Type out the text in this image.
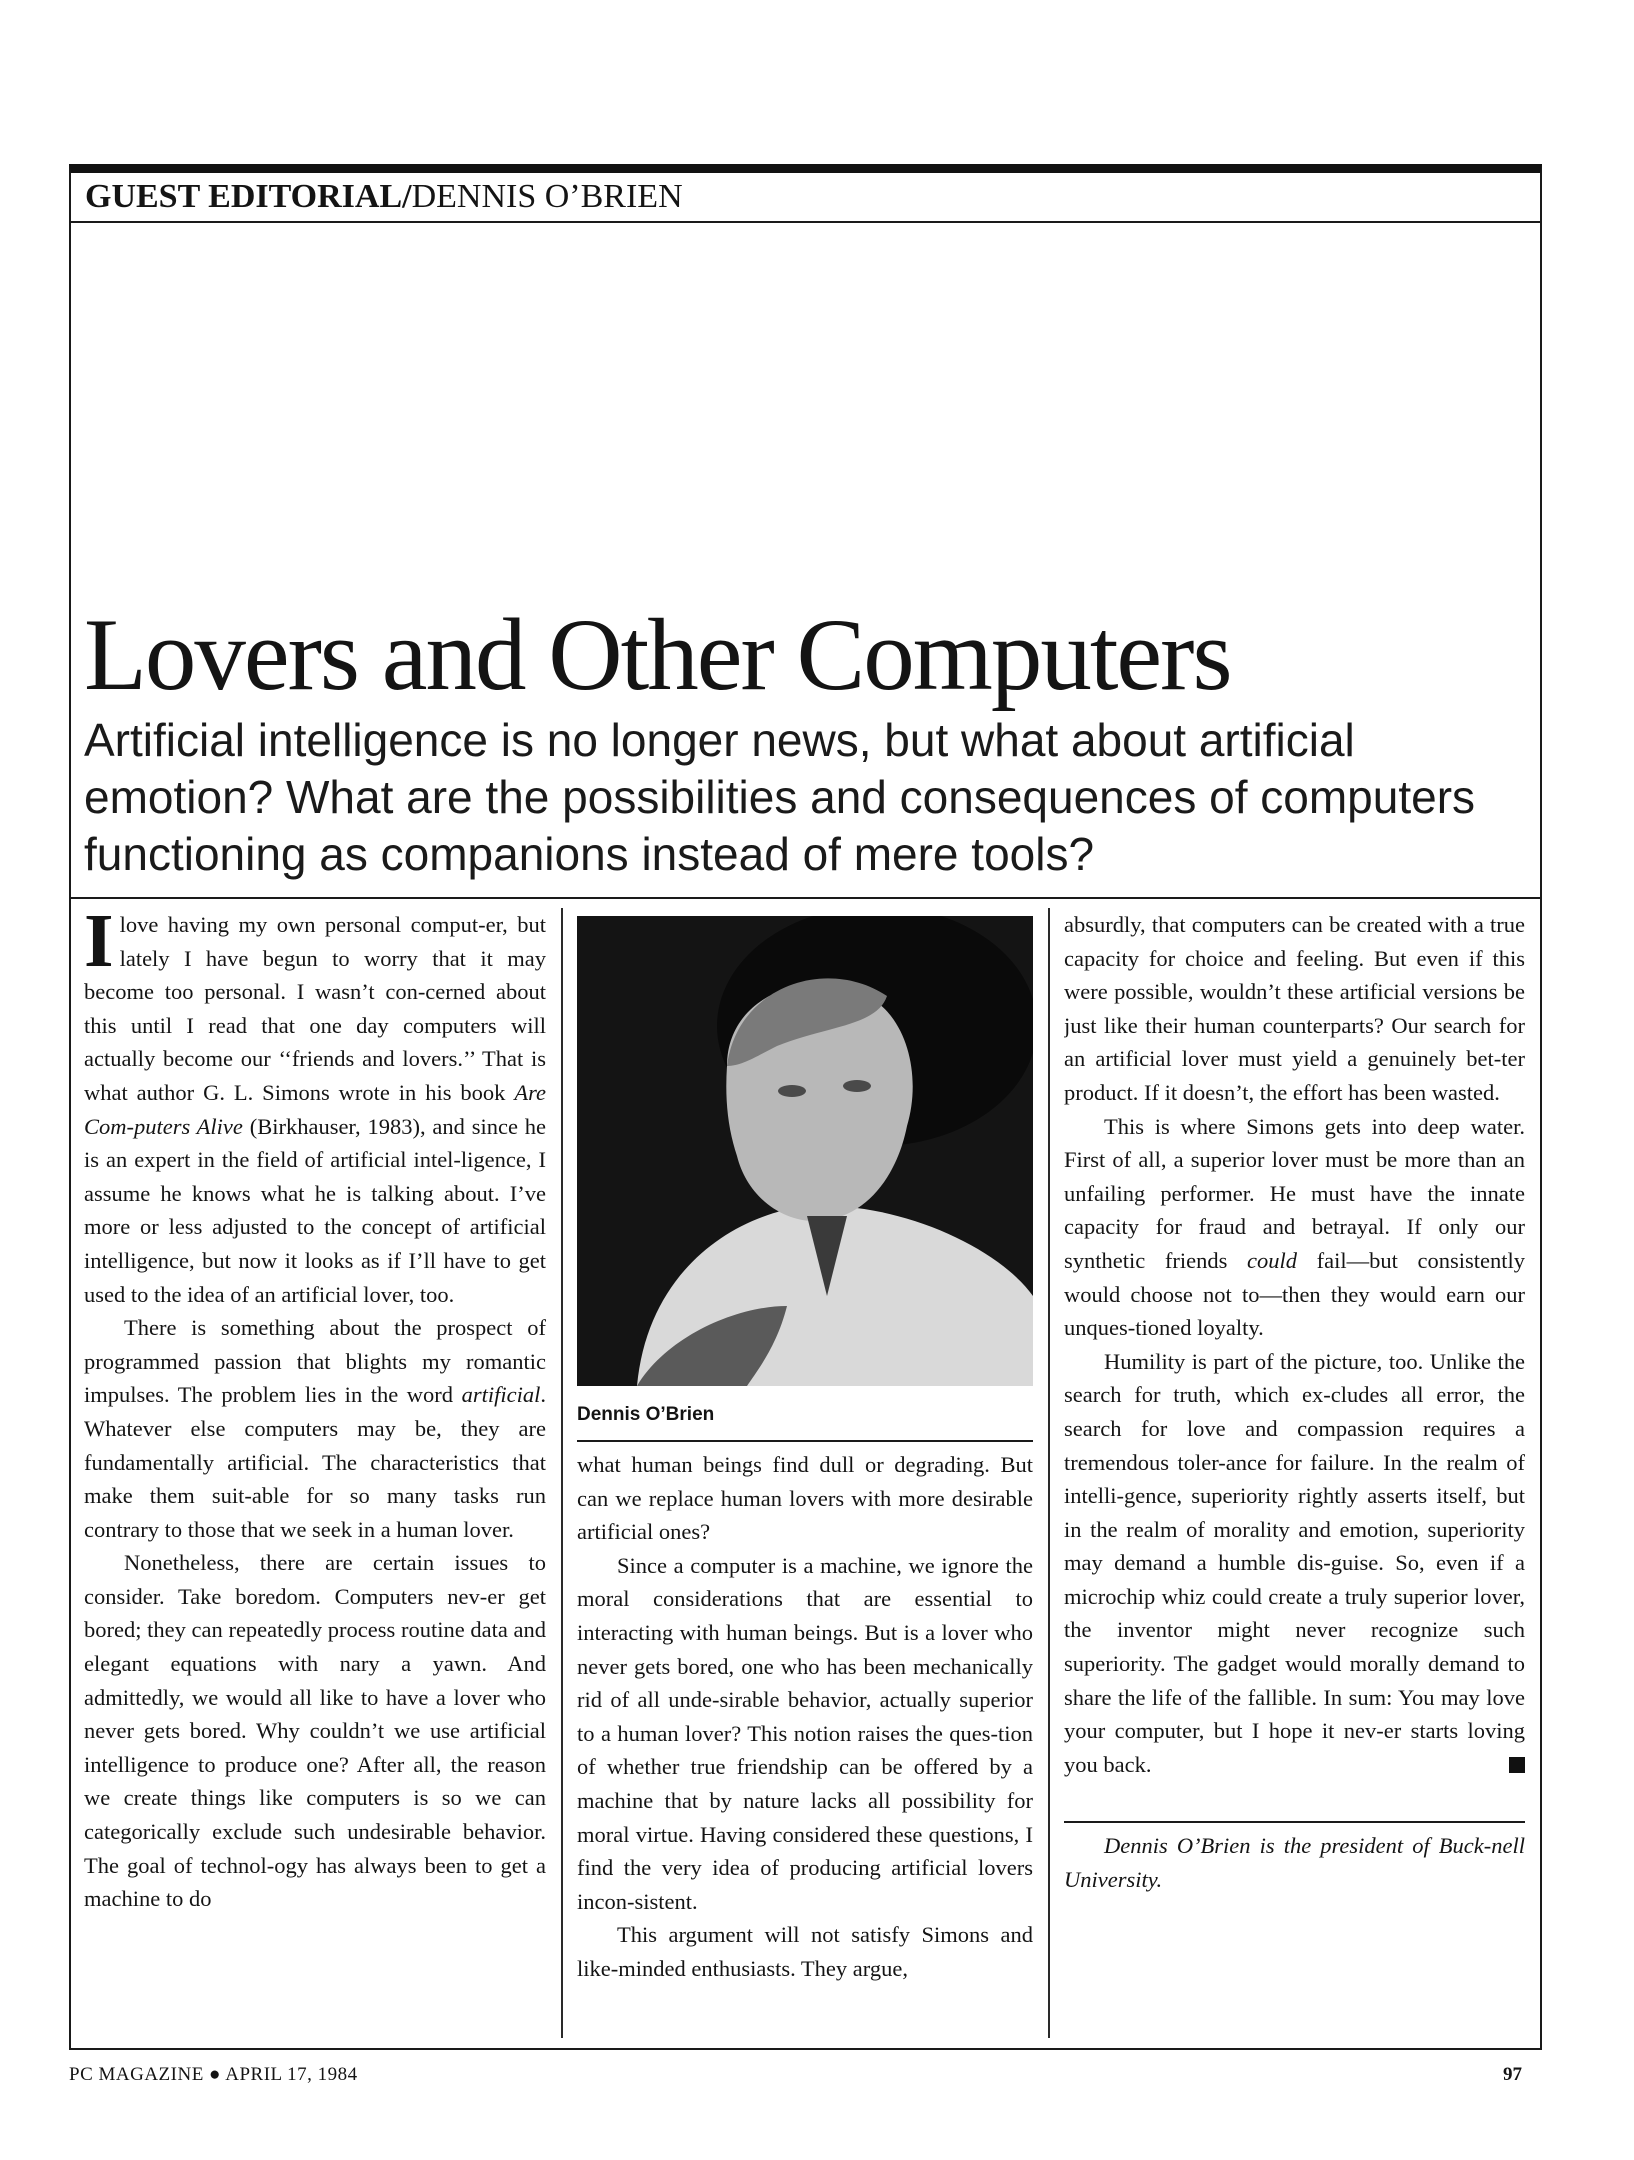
GUEST EDITORIAL/DENNIS O’BRIEN
Lovers and Other Computers
Artificial intelligence is no longer news, but what about artificial emotion? What are the possibilities and consequences of computers functioning as companions instead of mere tools?

I love having my own personal comput-er, but lately I have begun to worry that it may become too personal. I wasn’t con-cerned about this until I read that one day computers will actually become our ‘‘friends and lovers.’’ That is what author G. L. Simons wrote in his book Are Com-puters Alive (Birkhauser, 1983), and since he is an expert in the field of artificial intel-ligence, I assume he knows what he is talking about. I’ve more or less adjusted to the concept of artificial intelligence, but now it looks as if I’ll have to get used to the idea of an artificial lover, too.

There is something about the prospect of programmed passion that blights my romantic impulses. The problem lies in the word artificial. Whatever else computers may be, they are fundamentally artificial. The characteristics that make them suit-able for so many tasks run contrary to those that we seek in a human lover.

Nonetheless, there are certain issues to consider. Take boredom. Computers nev-er get bored; they can repeatedly process routine data and elegant equations with nary a yawn. And admittedly, we would all like to have a lover who never gets bored. Why couldn’t we use artificial intelligence to produce one? After all, the reason we create things like computers is so we can categorically exclude such undesirable behavior. The goal of technol-ogy has always been to get a machine to do

Dennis O’Brien

what human beings find dull or degrading. But can we replace human lovers with more desirable artificial ones?

Since a computer is a machine, we ignore the moral considerations that are essential to interacting with human beings. But is a lover who never gets bored, one who has been mechanically rid of all unde-sirable behavior, actually superior to a human lover? This notion raises the ques-tion of whether true friendship can be offered by a machine that by nature lacks all possibility for moral virtue. Having considered these questions, I find the very idea of producing artificial lovers incon-sistent.

This argument will not satisfy Simons and like-minded enthusiasts. They argue,

absurdly, that computers can be created with a true capacity for choice and feeling. But even if this were possible, wouldn’t these artificial versions be just like their human counterparts? Our search for an artificial lover must yield a genuinely bet-ter product. If it doesn’t, the effort has been wasted.

This is where Simons gets into deep water. First of all, a superior lover must be more than an unfailing performer. He must have the innate capacity for fraud and betrayal. If only our synthetic friends could fail—but consistently would choose not to—then they would earn our unques-tioned loyalty.

Humility is part of the picture, too. Unlike the search for truth, which ex-cludes all error, the search for love and compassion requires a tremendous toler-ance for failure. In the realm of intelli-gence, superiority rightly asserts itself, but in the realm of morality and emotion, superiority may demand a humble dis-guise. So, even if a microchip whiz could create a truly superior lover, the inventor might never recognize such superiority. The gadget would morally demand to share the life of the fallible. In sum: You may love your computer, but I hope it nev-er starts loving you back.

Dennis O’Brien is the president of Buck-nell University.

PC MAGAZINE ● APRIL 17, 1984	97
